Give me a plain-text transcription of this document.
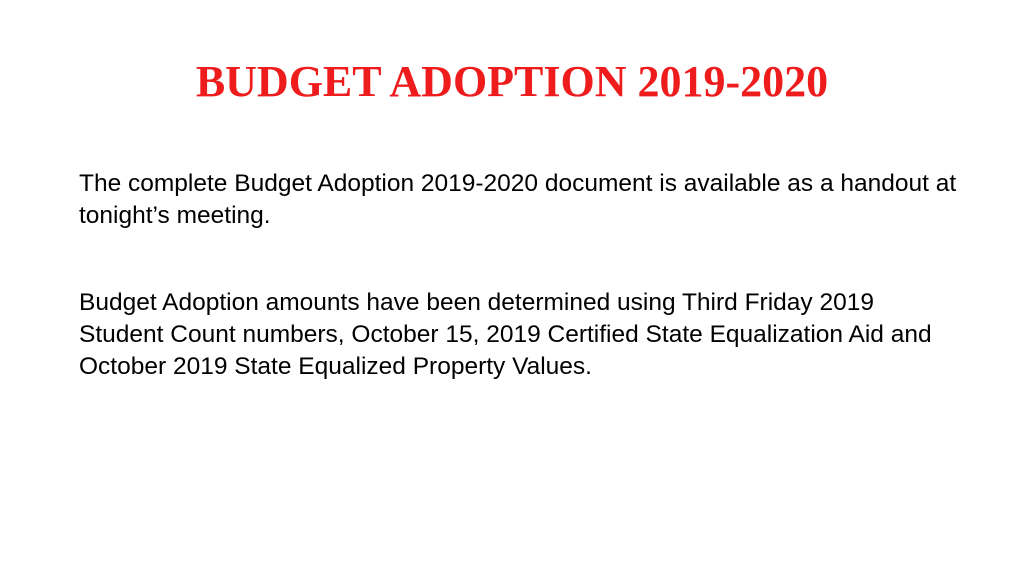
BUDGET ADOPTION 2019-2020

The complete Budget Adoption 2019-2020 document is available as a handout at tonight’s meeting.

Budget Adoption amounts have been determined using Third Friday 2019 Student Count numbers, October 15, 2019 Certified State Equalization Aid and October 2019 State Equalized Property Values.
